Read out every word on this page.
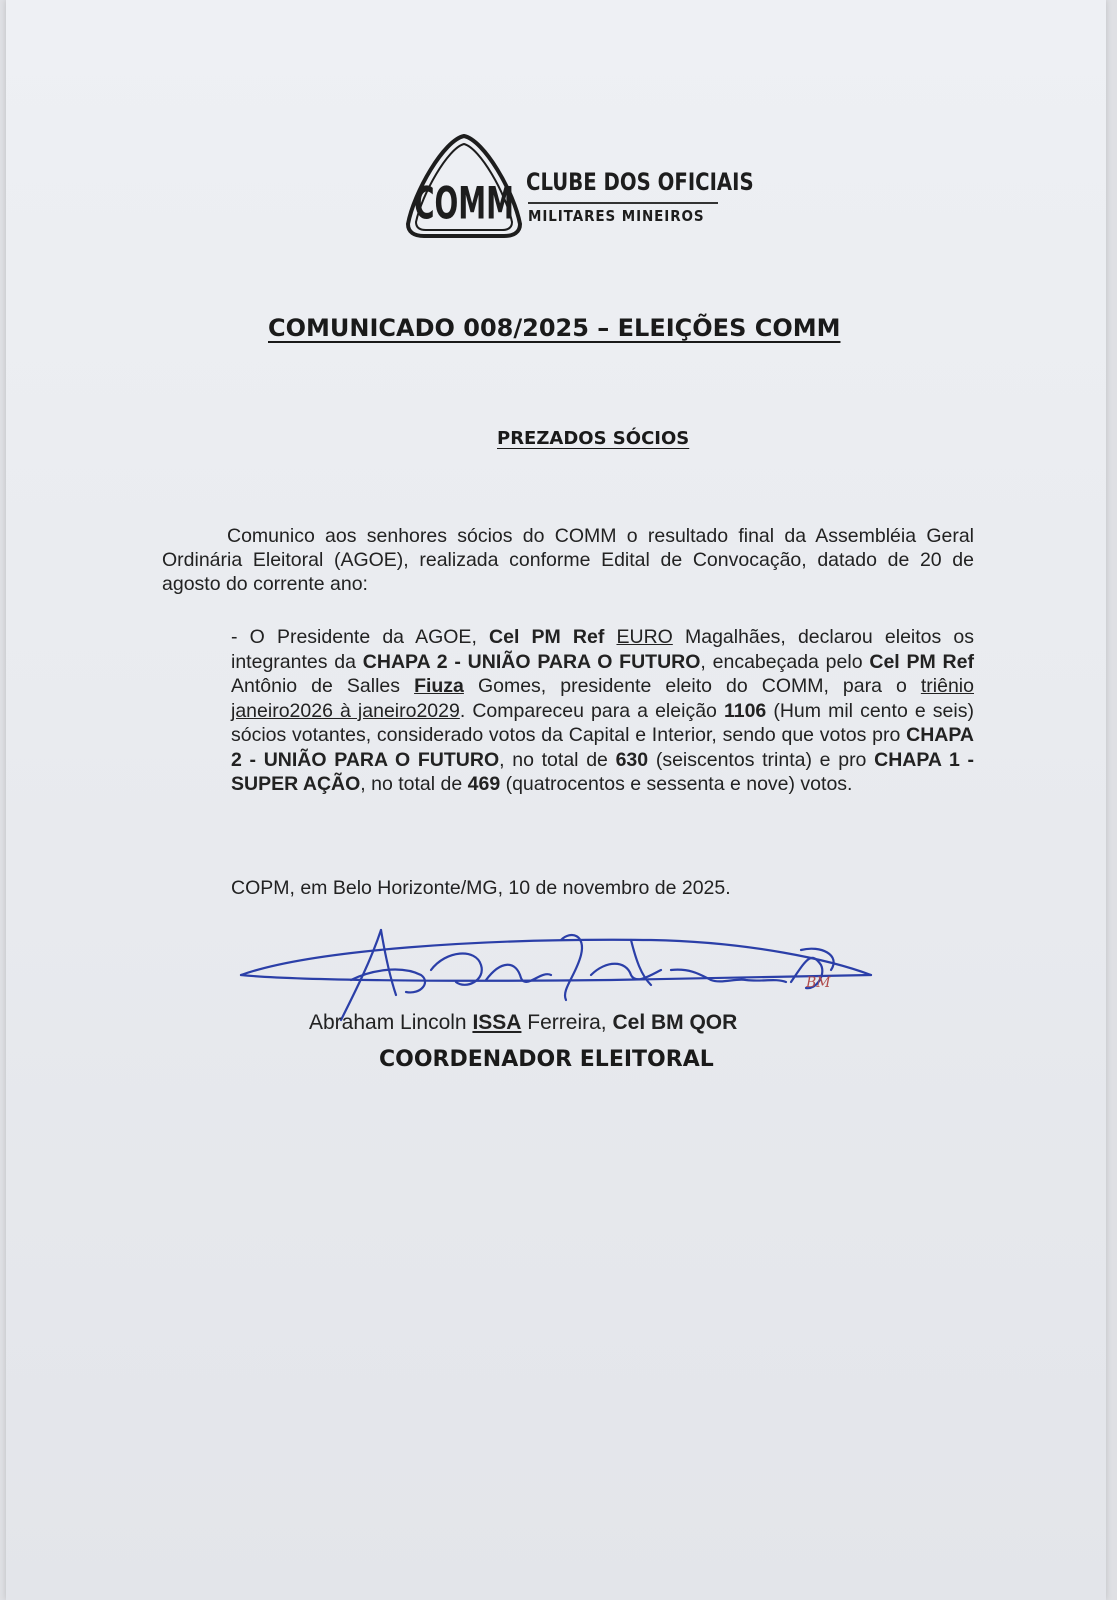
COMM CLUBE DOS OFICIAIS
MILITARES MINEIROS
COMUNICADO 008/2025 – ELEIÇÕES COMM
PREZADOS SÓCIOS
Comunico aos senhores sócios do COMM o resultado final da Assembléia Geral Ordinária Eleitoral (AGOE), realizada conforme Edital de Convocação, datado de 20 de agosto do corrente ano:
- O Presidente da AGOE, Cel PM Ref EURO Magalhães, declarou eleitos os integrantes da CHAPA 2 - UNIÃO PARA O FUTURO, encabeçada pelo Cel PM Ref Antônio de Salles Fiuza Gomes, presidente eleito do COMM, para o triênio janeiro2026 à janeiro2029. Compareceu para a eleição 1106 (Hum mil cento e seis) sócios votantes, considerado votos da Capital e Interior, sendo que votos pro CHAPA 2 - UNIÃO PARA O FUTURO, no total de 630 (seiscentos trinta) e pro CHAPA 1 - SUPER AÇÃO, no total de 469 (quatrocentos e sessenta e nove) votos.
COPM, em Belo Horizonte/MG, 10 de novembro de 2025.
BM
Abraham Lincoln ISSA Ferreira, Cel BM QOR
COORDENADOR ELEITORAL
